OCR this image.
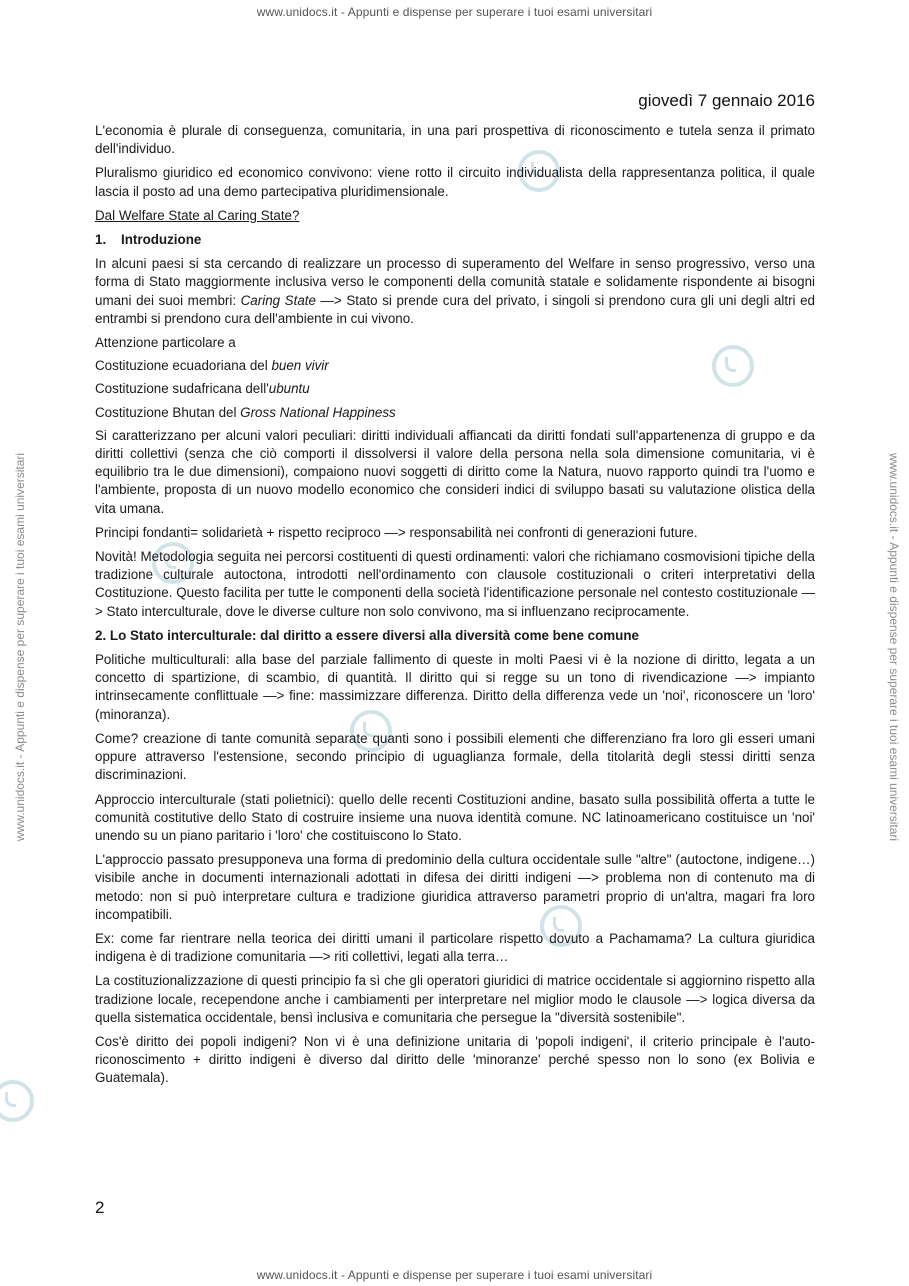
www.unidocs.it - Appunti e dispense per superare i tuoi esami universitari
www.unidocs.it - Appunti e dispense per superare i tuoi esami universitari
www.unidocs.it - Appunti e dispense per superare i tuoi esami universitari	www.unidocs.it - Appunti e dispense per superare i tuoi esami universitari
giovedì 7 gennaio 2016

L'economia è plurale di conseguenza, comunitaria, in una pari prospettiva di riconoscimento e tutela senza il primato dell'individuo.

Pluralismo giuridico ed economico convivono: viene rotto il circuito individualista della rappresentanza politica, il quale lascia il posto ad una demo partecipativa pluridimensionale.

Dal Welfare State al Caring State?

1. Introduzione

In alcuni paesi si sta cercando di realizzare un processo di superamento del Welfare in senso progressivo, verso una forma di Stato maggiormente inclusiva verso le componenti della comunità statale e solidamente rispondente ai bisogni umani dei suoi membri: Caring State —> Stato si prende cura del privato, i singoli si prendono cura gli uni degli altri ed entrambi si prendono cura dell'ambiente in cui vivono.

Attenzione particolare a

Costituzione ecuadoriana del buen vivir

Costituzione sudafricana dell'ubuntu

Costituzione Bhutan del Gross National Happiness

Si caratterizzano per alcuni valori peculiari: diritti individuali affiancati da diritti fondati sull'appartenenza di gruppo e da diritti collettivi (senza che ciò comporti il dissolversi il valore della persona nella sola dimensione comunitaria, vi è equilibrio tra le due dimensioni), compaiono nuovi soggetti di diritto come la Natura, nuovo rapporto quindi tra l'uomo e l'ambiente, proposta di un nuovo modello economico che consideri indici di sviluppo basati su valutazione olistica della vita umana.

Principi fondanti= solidarietà + rispetto reciproco —> responsabilità nei confronti di generazioni future.

Novità! Metodologia seguita nei percorsi costituenti di questi ordinamenti: valori che richiamano cosmovisioni tipiche della tradizione culturale autoctona, introdotti nell'ordinamento con clausole costituzionali o criteri interpretativi della Costituzione. Questo facilita per tutte le componenti della società l'identificazione personale nel contesto costituzionale —> Stato interculturale, dove le diverse culture non solo convivono, ma si influenzano reciprocamente.

2. Lo Stato interculturale: dal diritto a essere diversi alla diversità come bene comune

Politiche multiculturali: alla base del parziale fallimento di queste in molti Paesi vi è la nozione di diritto, legata a un concetto di spartizione, di scambio, di quantità. Il diritto qui si regge su un tono di rivendicazione —> impianto intrinsecamente conflittuale —> fine: massimizzare differenza. Diritto della differenza vede un 'noi', riconoscere un 'loro' (minoranza).

Come? creazione di tante comunità separate quanti sono i possibili elementi che differenziano fra loro gli esseri umani oppure attraverso l'estensione, secondo principio di uguaglianza formale, della titolarità degli stessi diritti senza discriminazioni.

Approccio interculturale (stati polietnici): quello delle recenti Costituzioni andine, basato sulla possibilità offerta a tutte le comunità costitutive dello Stato di costruire insieme una nuova identità comune. NC latinoamericano costituisce un 'noi' unendo su un piano paritario i 'loro' che costituiscono lo Stato.

L'approccio passato presupponeva una forma di predominio della cultura occidentale sulle "altre" (autoctone, indigene…) visibile anche in documenti internazionali adottati in difesa dei diritti indigeni —> problema non di contenuto ma di metodo: non si può interpretare cultura e tradizione giuridica attraverso parametri proprio di un'altra, magari fra loro incompatibili.

Ex: come far rientrare nella teorica dei diritti umani il particolare rispetto dovuto a Pachamama? La cultura giuridica indigena è di tradizione comunitaria —> riti collettivi, legati alla terra…

La costituzionalizzazione di questi principio fa sì che gli operatori giuridici di matrice occidentale si aggiornino rispetto alla tradizione locale, recependone anche i cambiamenti per interpretare nel miglior modo le clausole —> logica diversa da quella sistematica occidentale, bensì inclusiva e comunitaria che persegue la "diversità sostenibile".

Cos'è diritto dei popoli indigeni? Non vi è una definizione unitaria di 'popoli indigeni', il criterio principale è l'auto-riconoscimento + diritto indigeni è diverso dal diritto delle 'minoranze' perché spesso non lo sono (ex Bolivia e Guatemala).

2
